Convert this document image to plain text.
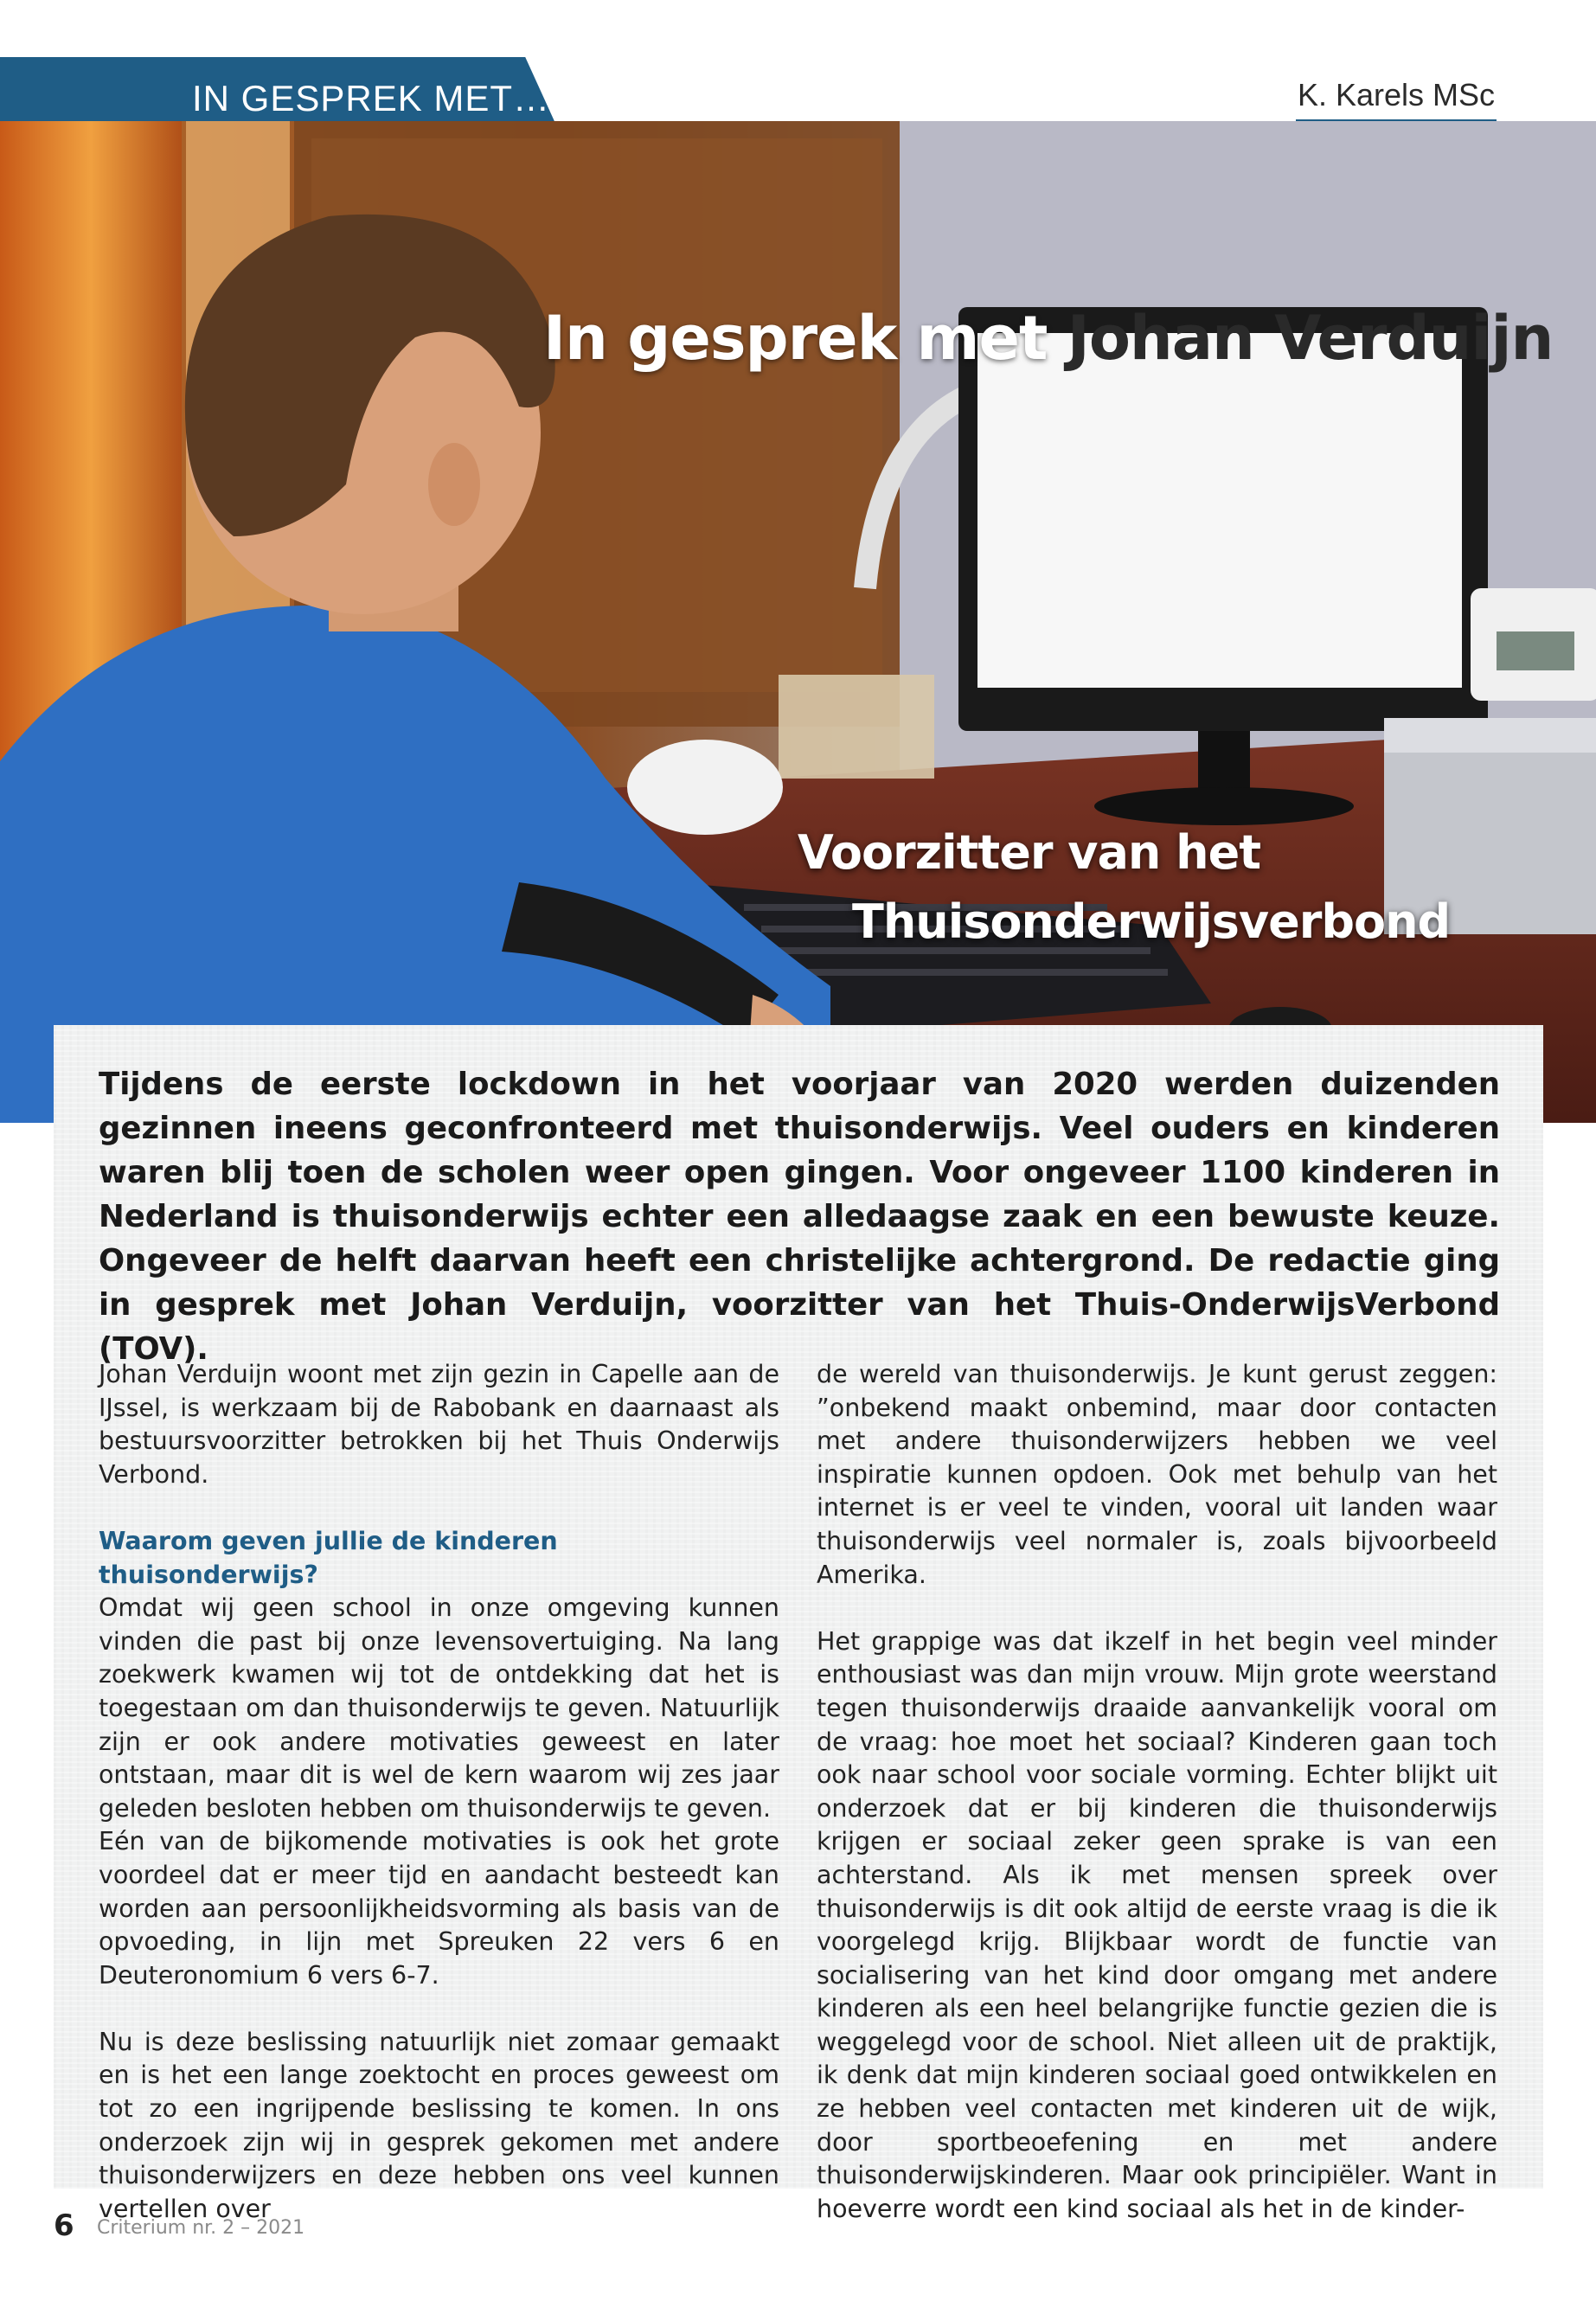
IN GESPREK MET…	K. Karels MSc
In gesprek met Johan Verduijn
Voorzitter van het
Thuisonderwijsverbond

Tijdens de eerste lockdown in het voorjaar van 2020 werden duizenden gezinnen ineens geconfronteerd met thuisonderwijs. Veel ouders en kinderen waren blij toen de scholen weer open gingen. Voor ongeveer 1100 kinderen in Nederland is thuisonderwijs echter een alledaagse zaak en een bewuste keuze. Ongeveer de helft daarvan heeft een christelijke achtergrond. De redactie ging in gesprek met Johan Verduijn, voorzitter van het Thuis-OnderwijsVerbond (TOV).

Johan Verduijn woont met zijn gezin in Capelle aan de IJssel, is werkzaam bij de Rabobank en daarnaast als bestuursvoorzitter betrokken bij het Thuis Onderwijs Verbond.

Waarom geven jullie de kinderen thuisonderwijs?

Omdat wij geen school in onze omgeving kunnen vinden die past bij onze levensovertuiging. Na lang zoekwerk kwamen wij tot de ontdekking dat het is toegestaan om dan thuisonderwijs te geven. Natuurlijk zijn er ook andere motivaties geweest en later ontstaan, maar dit is wel de kern waarom wij zes jaar geleden besloten hebben om thuisonderwijs te geven.

Eén van de bijkomende motivaties is ook het grote voordeel dat er meer tijd en aandacht besteedt kan worden aan persoonlijkheidsvorming als basis van de opvoeding, in lijn met Spreuken 22 vers 6 en Deuteronomium 6 vers 6-7.

Nu is deze beslissing natuurlijk niet zomaar gemaakt en is het een lange zoektocht en proces geweest om tot zo een ingrijpende beslissing te komen. In ons onderzoek zijn wij in gesprek gekomen met andere thuisonderwijzers en deze hebben ons veel kunnen vertellen over

de wereld van thuisonderwijs. Je kunt gerust zeggen: ”onbekend maakt onbemind, maar door contacten met andere thuisonderwijzers hebben we veel inspiratie kunnen opdoen. Ook met behulp van het internet is er veel te vinden, vooral uit landen waar thuisonderwijs veel normaler is, zoals bijvoorbeeld Amerika.

Het grappige was dat ikzelf in het begin veel minder enthousiast was dan mijn vrouw. Mijn grote weerstand tegen thuisonderwijs draaide aanvankelijk vooral om de vraag: hoe moet het sociaal? Kinderen gaan toch ook naar school voor sociale vorming. Echter blijkt uit onderzoek dat er bij kinderen die thuisonderwijs krijgen er sociaal zeker geen sprake is van een achterstand. Als ik met mensen spreek over thuisonderwijs is dit ook altijd de eerste vraag is die ik voorgelegd krijg. Blijkbaar wordt de functie van socialisering van het kind door omgang met andere kinderen als een heel belangrijke functie gezien die is weggelegd voor de school. Niet alleen uit de praktijk, ik denk dat mijn kinderen sociaal goed ontwikkelen en ze hebben veel contacten met kinderen uit de wijk, door sportbeoefening en met andere thuisonderwijskinderen. Maar ook principiëler. Want in hoeverre wordt een kind sociaal als het in de kinder-

6 Criterium nr. 2 – 2021
